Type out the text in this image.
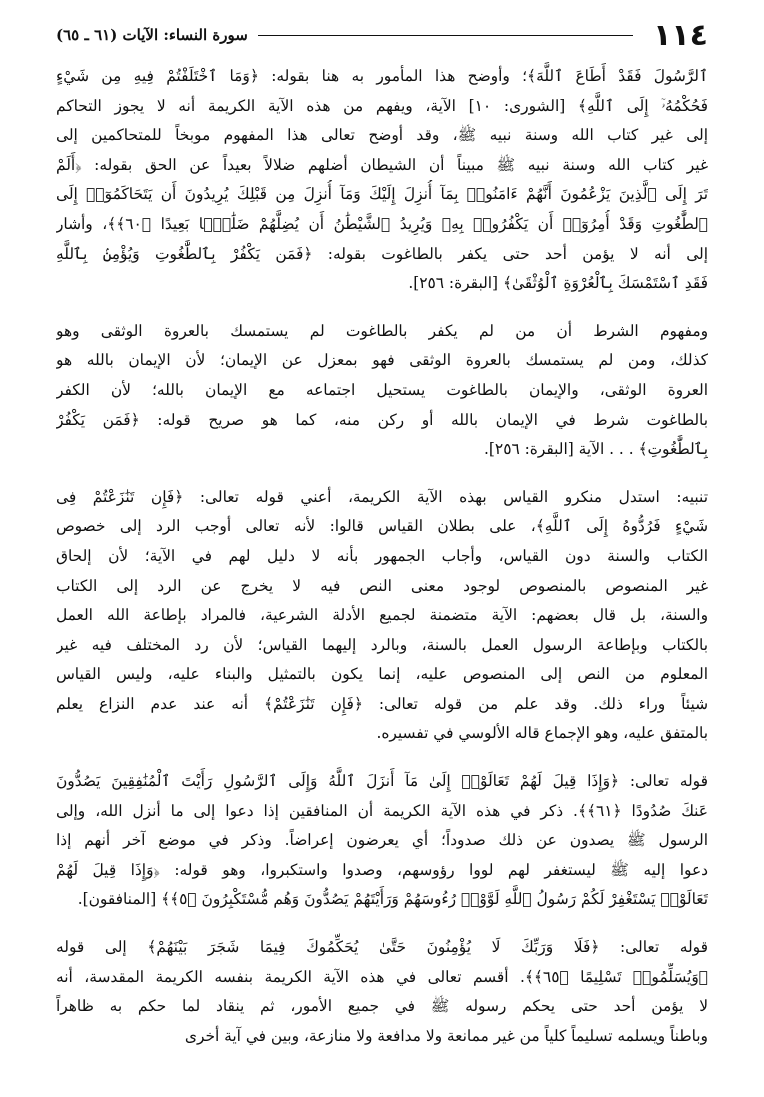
١١٤
سورة النساء: الآيات (٦١ ـ ٦٥)
ٱلرَّسُولَ فَقَدْ أَطَاعَ ٱللَّهَ﴾؛ وأوضح هذا المأمور به هنا بقوله: ﴿وَمَا ٱخْتَلَفْتُمْ فِيهِ مِن شَيْءٍ
فَحُكْمُهُۥٓ إِلَى ٱللَّهِ﴾ [الشورى: ١٠] الآية، ويفهم من هذه الآية الكريمة أنه لا يجوز التحاكم
إلى غير كتاب الله وسنة نبيه ﷺ، وقد أوضح تعالى هذا المفهوم موبخاً للمتحاكمين إلى
غير كتاب الله وسنة نبيه ﷺ مبيناً أن الشيطان أضلهم ضلالاً بعيداً عن الحق بقوله: ﴿أَلَمْ
تَرَ إِلَى ٱلَّذِينَ يَزْعُمُونَ أَنَّهُمْ ءَامَنُوا۟ بِمَآ أُنزِلَ إِلَيْكَ وَمَآ أُنزِلَ مِن قَبْلِكَ يُرِيدُونَ أَن يَتَحَاكَمُوٓا۟ إِلَى
ٱلطَّٰغُوتِ وَقَدْ أُمِرُوٓا۟ أَن يَكْفُرُوا۟ بِهِۦ وَيُرِيدُ ٱلشَّيْطَٰنُ أَن يُضِلَّهُمْ ضَلَٰلًۢا بَعِيدًا ﴿٦٠﴾﴾، وأشار
إلى أنه لا يؤمن أحد حتى يكفر بالطاغوت بقوله: ﴿فَمَن يَكْفُرْ بِٱلطَّٰغُوتِ وَيُؤْمِنۢ بِٱللَّهِ
فَقَدِ ٱسْتَمْسَكَ بِٱلْعُرْوَةِ ٱلْوُثْقَىٰ﴾ [البقرة: ٢٥٦].
ومفهوم الشرط أن من لم يكفر بالطاغوت لم يستمسك بالعروة الوثقى وهو
كذلك، ومن لم يستمسك بالعروة الوثقى فهو بمعزل عن الإيمان؛ لأن الإيمان بالله هو
العروة الوثقى، والإيمان بالطاغوت يستحيل اجتماعه مع الإيمان بالله؛ لأن الكفر
بالطاغوت شرط في الإيمان بالله أو ركن منه، كما هو صريح قوله: ﴿فَمَن يَكْفُرْ
بِٱلطَّٰغُوتِ﴾ . . . الآية [البقرة: ٢٥٦].
تنبيه: استدل منكرو القياس بهذه الآية الكريمة، أعني قوله تعالى: ﴿فَإِن تَنَٰزَعْتُمْ فِى
شَيْءٍ فَرُدُّوهُ إِلَى ٱللَّهِ﴾، على بطلان القياس قالوا: لأنه تعالى أوجب الرد إلى خصوص
الكتاب والسنة دون القياس، وأجاب الجمهور بأنه لا دليل لهم في الآية؛ لأن إلحاق
غير المنصوص بالمنصوص لوجود معنى النص فيه لا يخرج عن الرد إلى الكتاب
والسنة، بل قال بعضهم: الآية متضمنة لجميع الأدلة الشرعية، فالمراد بإطاعة الله العمل
بالكتاب وبإطاعة الرسول العمل بالسنة، وبالرد إليهما القياس؛ لأن رد المختلف فيه غير
المعلوم من النص إلى المنصوص عليه، إنما يكون بالتمثيل والبناء عليه، وليس القياس
شيئاً وراء ذلك. وقد علم من قوله تعالى: ﴿فَإِن تَنَٰزَعْتُمْ﴾ أنه عند عدم النزاع يعلم
بالمتفق عليه، وهو الإجماع قاله الألوسي في تفسيره.
قوله تعالى: ﴿وَإِذَا قِيلَ لَهُمْ تَعَالَوْا۟ إِلَىٰ مَآ أَنزَلَ ٱللَّهُ وَإِلَى ٱلرَّسُولِ رَأَيْتَ ٱلْمُنَٰفِقِينَ يَصُدُّونَ
عَنكَ صُدُودًا ﴿٦١﴾﴾. ذكر في هذه الآية الكريمة أن المنافقين إذا دعوا إلى ما أنزل الله، وإلى
الرسول ﷺ يصدون عن ذلك صدوداً؛ أي يعرضون إعراضاً. وذكر في موضع آخر أنهم إذا
دعوا إليه ﷺ ليستغفر لهم لووا رؤوسهم، وصدوا واستكبروا، وهو قوله: ﴿وَإِذَا قِيلَ لَهُمْ
تَعَالَوْا۟ يَسْتَغْفِرْ لَكُمْ رَسُولُ ٱللَّهِ لَوَّوْا۟ رُءُوسَهُمْ وَرَأَيْتَهُمْ يَصُدُّونَ وَهُم مُّسْتَكْبِرُونَ ﴿٥﴾﴾ [المنافقون].
قوله تعالى: ﴿فَلَا وَرَبِّكَ لَا يُؤْمِنُونَ حَتَّىٰ يُحَكِّمُوكَ فِيمَا شَجَرَ بَيْنَهُمْ﴾ إلى قوله
﴿وَيُسَلِّمُوا۟ تَسْلِيمًا ﴿٦٥﴾﴾. أقسم تعالى في هذه الآية الكريمة بنفسه الكريمة المقدسة، أنه
لا يؤمن أحد حتى يحكم رسوله ﷺ في جميع الأمور، ثم ينقاد لما حكم به ظاهراً
وباطناً ويسلمه تسليماً كلياً من غير ممانعة ولا مدافعة ولا منازعة، وبين في آية أخرى
